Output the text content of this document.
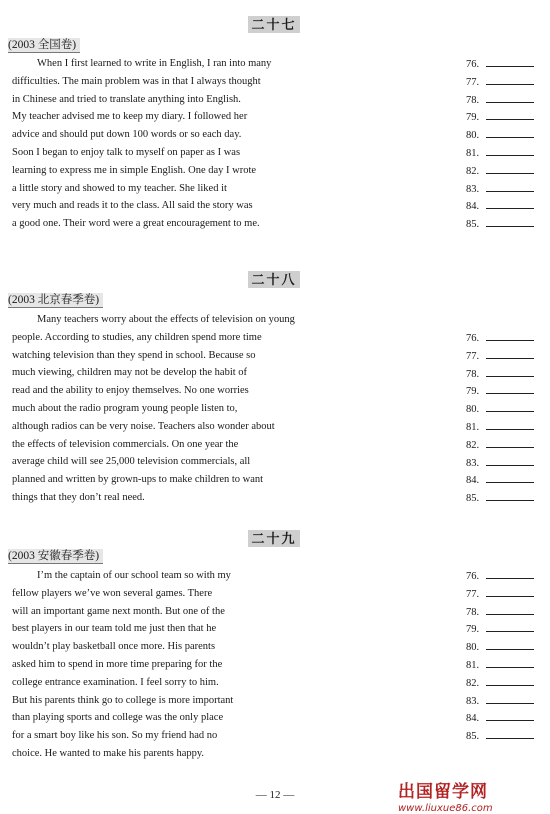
二十七
(2003 全国卷)
When I first learned to write in English, I ran into many
difficulties. The main problem was in that I always thought
in Chinese and tried to translate anything into English.
My teacher advised me to keep my diary. I followed her
advice and should put down 100 words or so each day.
Soon I began to enjoy talk to myself on paper as I was
learning to express me in simple English. One day I wrote
a little story and showed to my teacher. She liked it
very much and reads it to the class. All said the story was
a good one. Their word were a great encouragement to me.
76.
77.
78.
79.
80.
81.
82.
83.
84.
85.
二十八
(2003 北京春季卷)
Many teachers worry about the effects of television on young
people. According to studies, any children spend more time
watching television than they spend in school. Because so
much viewing, children may not be develop the habit of
read and the ability to enjoy themselves. No one worries
much about the radio program young people listen to,
although radios can be very noise. Teachers also wonder about
the effects of television commercials. On one year the
average child will see 25,000 television commercials, all
planned and written by grown-ups to make children to want
things that they don’t real need.
76.
77.
78.
79.
80.
81.
82.
83.
84.
85.
二十九
(2003 安徽春季卷)
I’m the captain of our school team so with my
fellow players we’ve won several games. There
will an important game next month. But one of the
best players in our team told me just then that he
wouldn’t play basketball once more. His parents
asked him to spend in more time preparing for the
college entrance examination. I feel sorry to him.
But his parents think go to college is more important
than playing sports and college was the only place
for a smart boy like his son. So my friend had no
choice. He wanted to make his parents happy.
76.
77.
78.
79.
80.
81.
82.
83.
84.
85.
— 12 —	出国留学网
www.liuxue86.com
